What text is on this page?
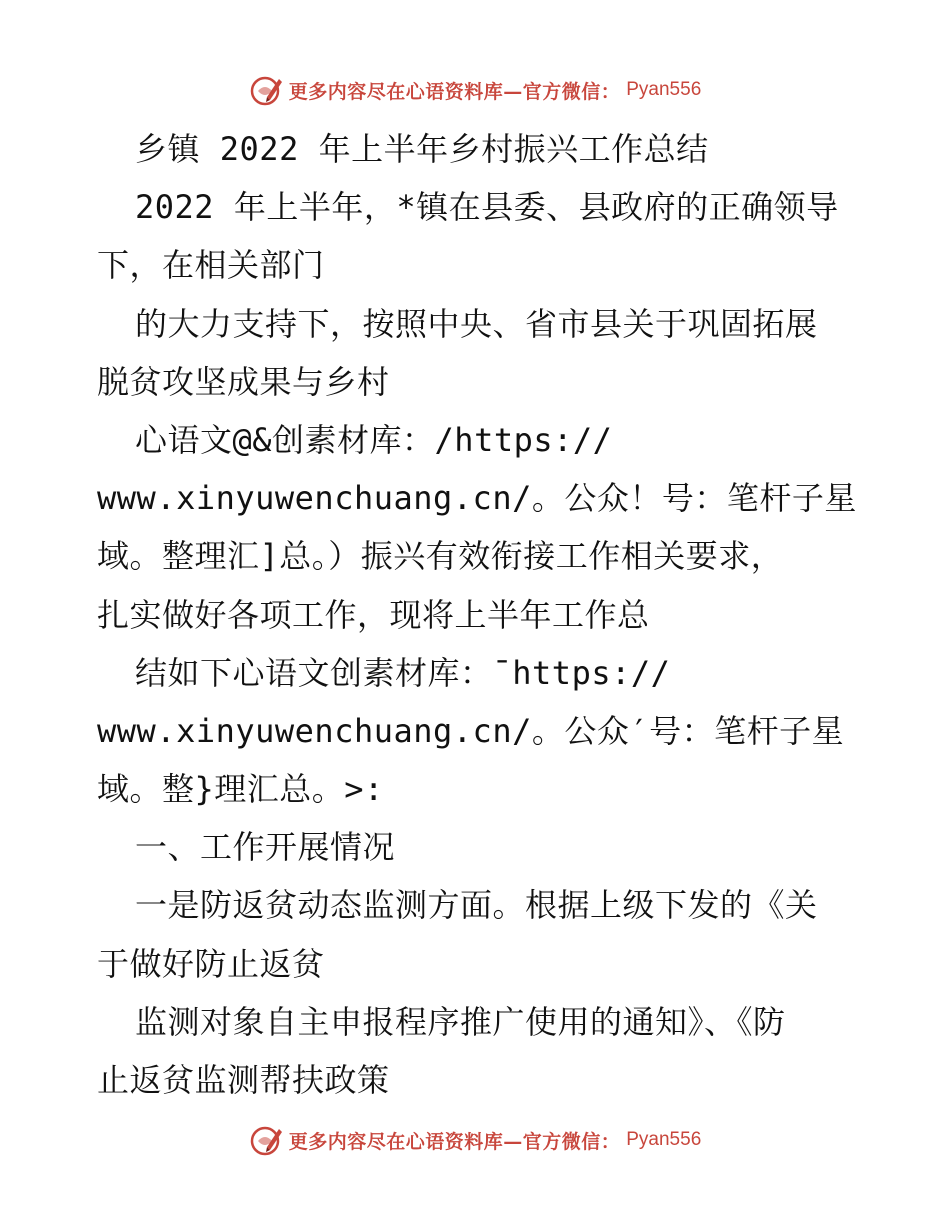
更多内容尽在心语资料库—官方微信： Pyan556
乡镇 2022 年上半年乡村振兴工作总结
2022 年上半年，*镇在县委、县政府的正确领导
下，在相关部门
的大力支持下，按照中央、省市县关于巩固拓展
脱贫攻坚成果与乡村
心语文@&创素材库：/https://
www.xinyuwenchuang.cn/。公众！号：笔杆子星
域。整理汇]总。）振兴有效衔接工作相关要求，
扎实做好各项工作，现将上半年工作总
结如下心语文创素材库：¯https://
www.xinyuwenchuang.cn/。公众′号：笔杆子星
域。整}理汇总。>:
一、工作开展情况
一是防返贫动态监测方面。根据上级下发的《关
于做好防止返贫
监测对象自主申报程序推广使用的通知》、《防
止返贫监测帮扶政策
更多内容尽在心语资料库—官方微信： Pyan556
